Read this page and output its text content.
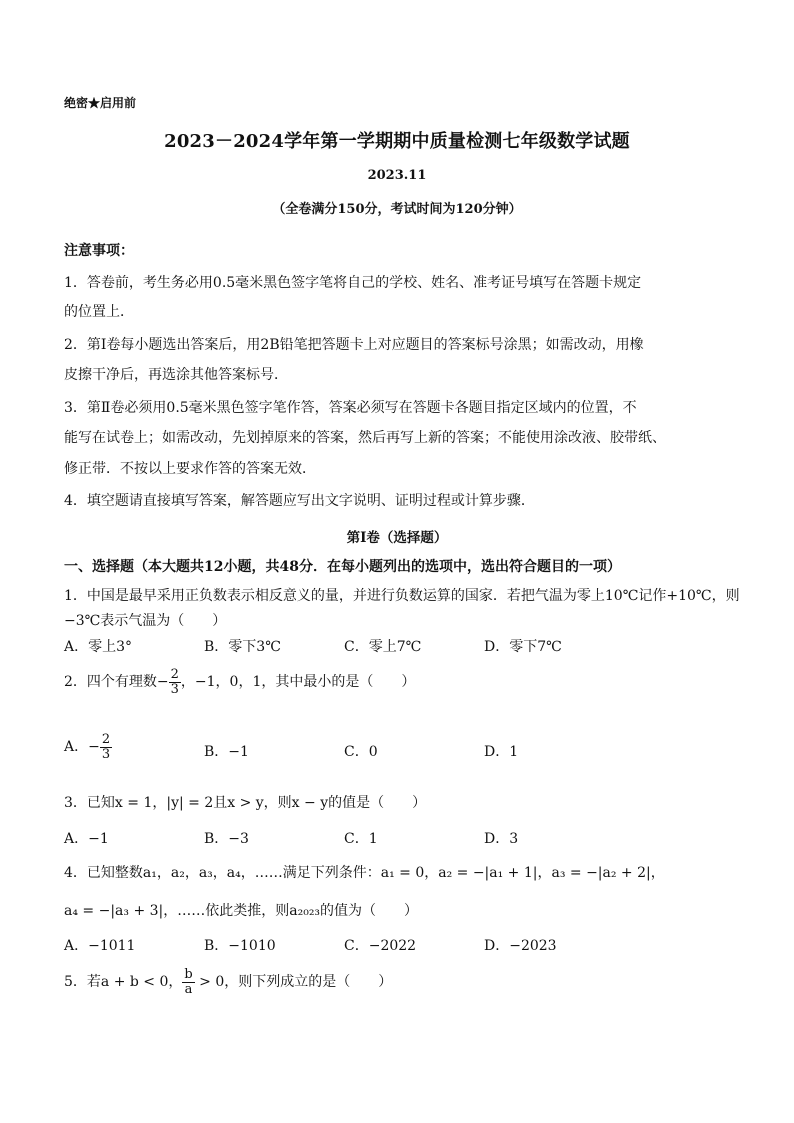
绝密★启用前
2023－2024学年第一学期期中质量检测七年级数学试题
2023.11
（全卷满分150分，考试时间为120分钟）
注意事项：
1．答卷前，考生务必用0.5毫米黑色签字笔将自己的学校、姓名、准考证号填写在答题卡规定
的位置上．
2．第Ⅰ卷每小题选出答案后，用2B铅笔把答题卡上对应题目的答案标号涂黑；如需改动，用橡
皮擦干净后，再选涂其他答案标号．
3．第Ⅱ卷必须用0.5毫米黑色签字笔作答，答案必须写在答题卡各题目指定区域内的位置，不
能写在试卷上；如需改动，先划掉原来的答案，然后再写上新的答案；不能使用涂改液、胶带纸、
修正带．不按以上要求作答的答案无效．
4．填空题请直接填写答案，解答题应写出文字说明、证明过程或计算步骤．
第Ⅰ卷（选择题）
一、选择题（本大题共12小题，共48分．在每小题列出的选项中，选出符合题目的一项）
1．中国是最早采用正负数表示相反意义的量，并进行负数运算的国家．若把气温为零上10℃记作+10℃，则
−3℃表示气温为（　　）
A．零上3°	B．零下3℃	C．零上7℃	D．零下7℃
2．四个有理数− $\frac{2}{3}$ ，−1，0，1，其中最小的是（　　）
A．− $\frac{2}{3}$	B．−1	C．0	D．1
3．已知x = 1，|y| = 2且x > y，则x − y的值是（　　）
A．−1	B．−3	C．1	D．3
4．已知整数a₁，a₂，a₃，a₄，……满足下列条件：a₁ = 0，a₂ = −|a₁ + 1|，a₃ = −|a₂ + 2|，
a₄ = −|a₃ + 3|，……依此类推，则a₂₀₂₃的值为（　　）
A．−1011	B．−1010	C．−2022	D．−2023
5．若a + b < 0， $\frac{b}{a} > 0$，则下列成立的是（　　）
